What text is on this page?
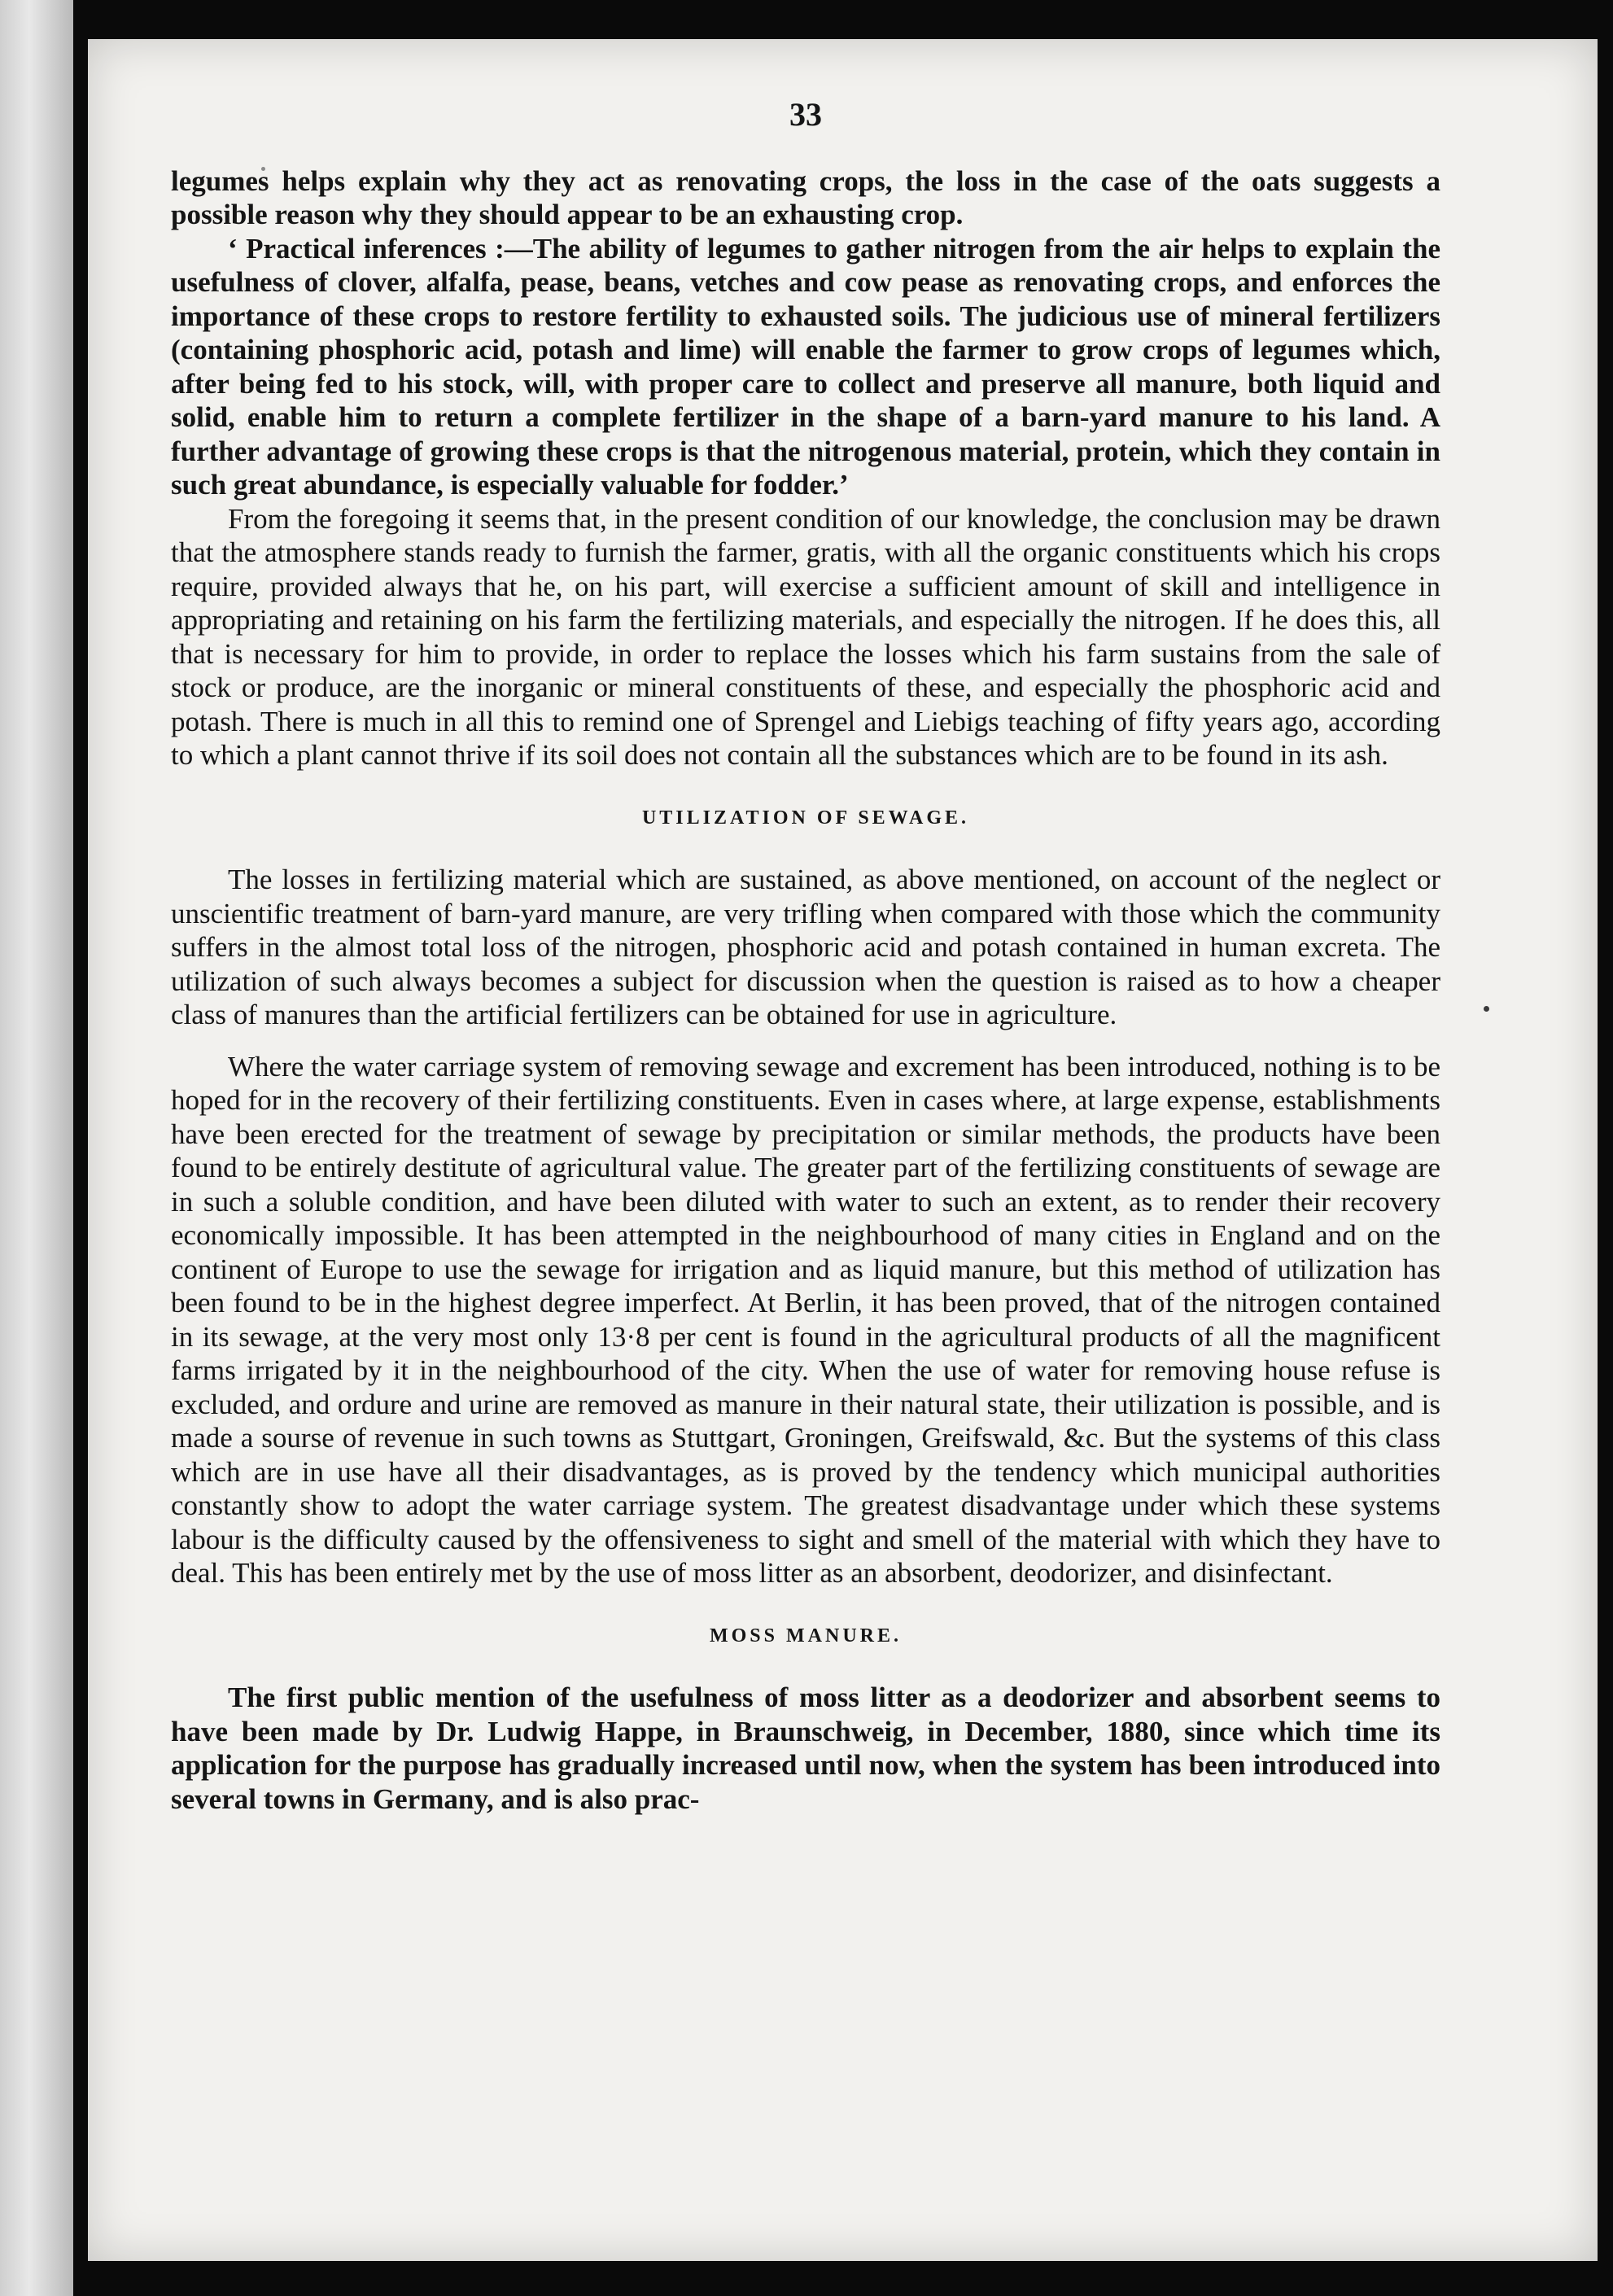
33

legumes helps explain why they act as renovating crops, the loss in the case of the oats suggests a possible reason why they should appear to be an exhausting crop.

‘ Practical inferences :—The ability of legumes to gather nitrogen from the air helps to explain the usefulness of clover, alfalfa, pease, beans, vetches and cow pease as renovating crops, and enforces the importance of these crops to restore fertility to exhausted soils. The judicious use of mineral fertilizers (containing phosphoric acid, potash and lime) will enable the farmer to grow crops of legumes which, after being fed to his stock, will, with proper care to collect and preserve all manure, both liquid and solid, enable him to return a complete fertilizer in the shape of a barn-yard manure to his land. A further advantage of growing these crops is that the nitrogenous material, protein, which they contain in such great abundance, is especially valuable for fodder.’

From the foregoing it seems that, in the present condition of our knowledge, the conclusion may be drawn that the atmosphere stands ready to furnish the farmer, gratis, with all the organic constituents which his crops require, provided always that he, on his part, will exercise a sufficient amount of skill and intelligence in appropriating and retaining on his farm the fertilizing materials, and especially the nitrogen. If he does this, all that is necessary for him to provide, in order to replace the losses which his farm sustains from the sale of stock or produce, are the inorganic or mineral constituents of these, and especially the phosphoric acid and potash. There is much in all this to remind one of Sprengel and Liebigs teaching of fifty years ago, according to which a plant cannot thrive if its soil does not contain all the substances which are to be found in its ash.

UTILIZATION OF SEWAGE.

The losses in fertilizing material which are sustained, as above mentioned, on account of the neglect or unscientific treatment of barn-yard manure, are very trifling when compared with those which the community suffers in the almost total loss of the nitrogen, phosphoric acid and potash contained in human excreta. The utilization of such always becomes a subject for discussion when the question is raised as to how a cheaper class of manures than the artificial fertilizers can be obtained for use in agriculture.

Where the water carriage system of removing sewage and excrement has been introduced, nothing is to be hoped for in the recovery of their fertilizing constituents. Even in cases where, at large expense, establishments have been erected for the treatment of sewage by precipitation or similar methods, the products have been found to be entirely destitute of agricultural value. The greater part of the fertilizing constituents of sewage are in such a soluble condition, and have been diluted with water to such an extent, as to render their recovery economically impossible. It has been attempted in the neighbourhood of many cities in England and on the continent of Europe to use the sewage for irrigation and as liquid manure, but this method of utilization has been found to be in the highest degree imperfect. At Berlin, it has been proved, that of the nitrogen contained in its sewage, at the very most only 13·8 per cent is found in the agricultural products of all the magnificent farms irrigated by it in the neighbourhood of the city. When the use of water for removing house refuse is excluded, and ordure and urine are removed as manure in their natural state, their utilization is possible, and is made a sourse of revenue in such towns as Stuttgart, Groningen, Greifswald, &c. But the systems of this class which are in use have all their disadvantages, as is proved by the tendency which municipal authorities constantly show to adopt the water carriage system. The greatest disadvantage under which these systems labour is the difficulty caused by the offensiveness to sight and smell of the material with which they have to deal. This has been entirely met by the use of moss litter as an absorbent, deodorizer, and disinfectant.

MOSS MANURE.

The first public mention of the usefulness of moss litter as a deodorizer and absorbent seems to have been made by Dr. Ludwig Happe, in Braunschweig, in December, 1880, since which time its application for the purpose has gradually increased until now, when the system has been introduced into several towns in Germany, and is also prac-
